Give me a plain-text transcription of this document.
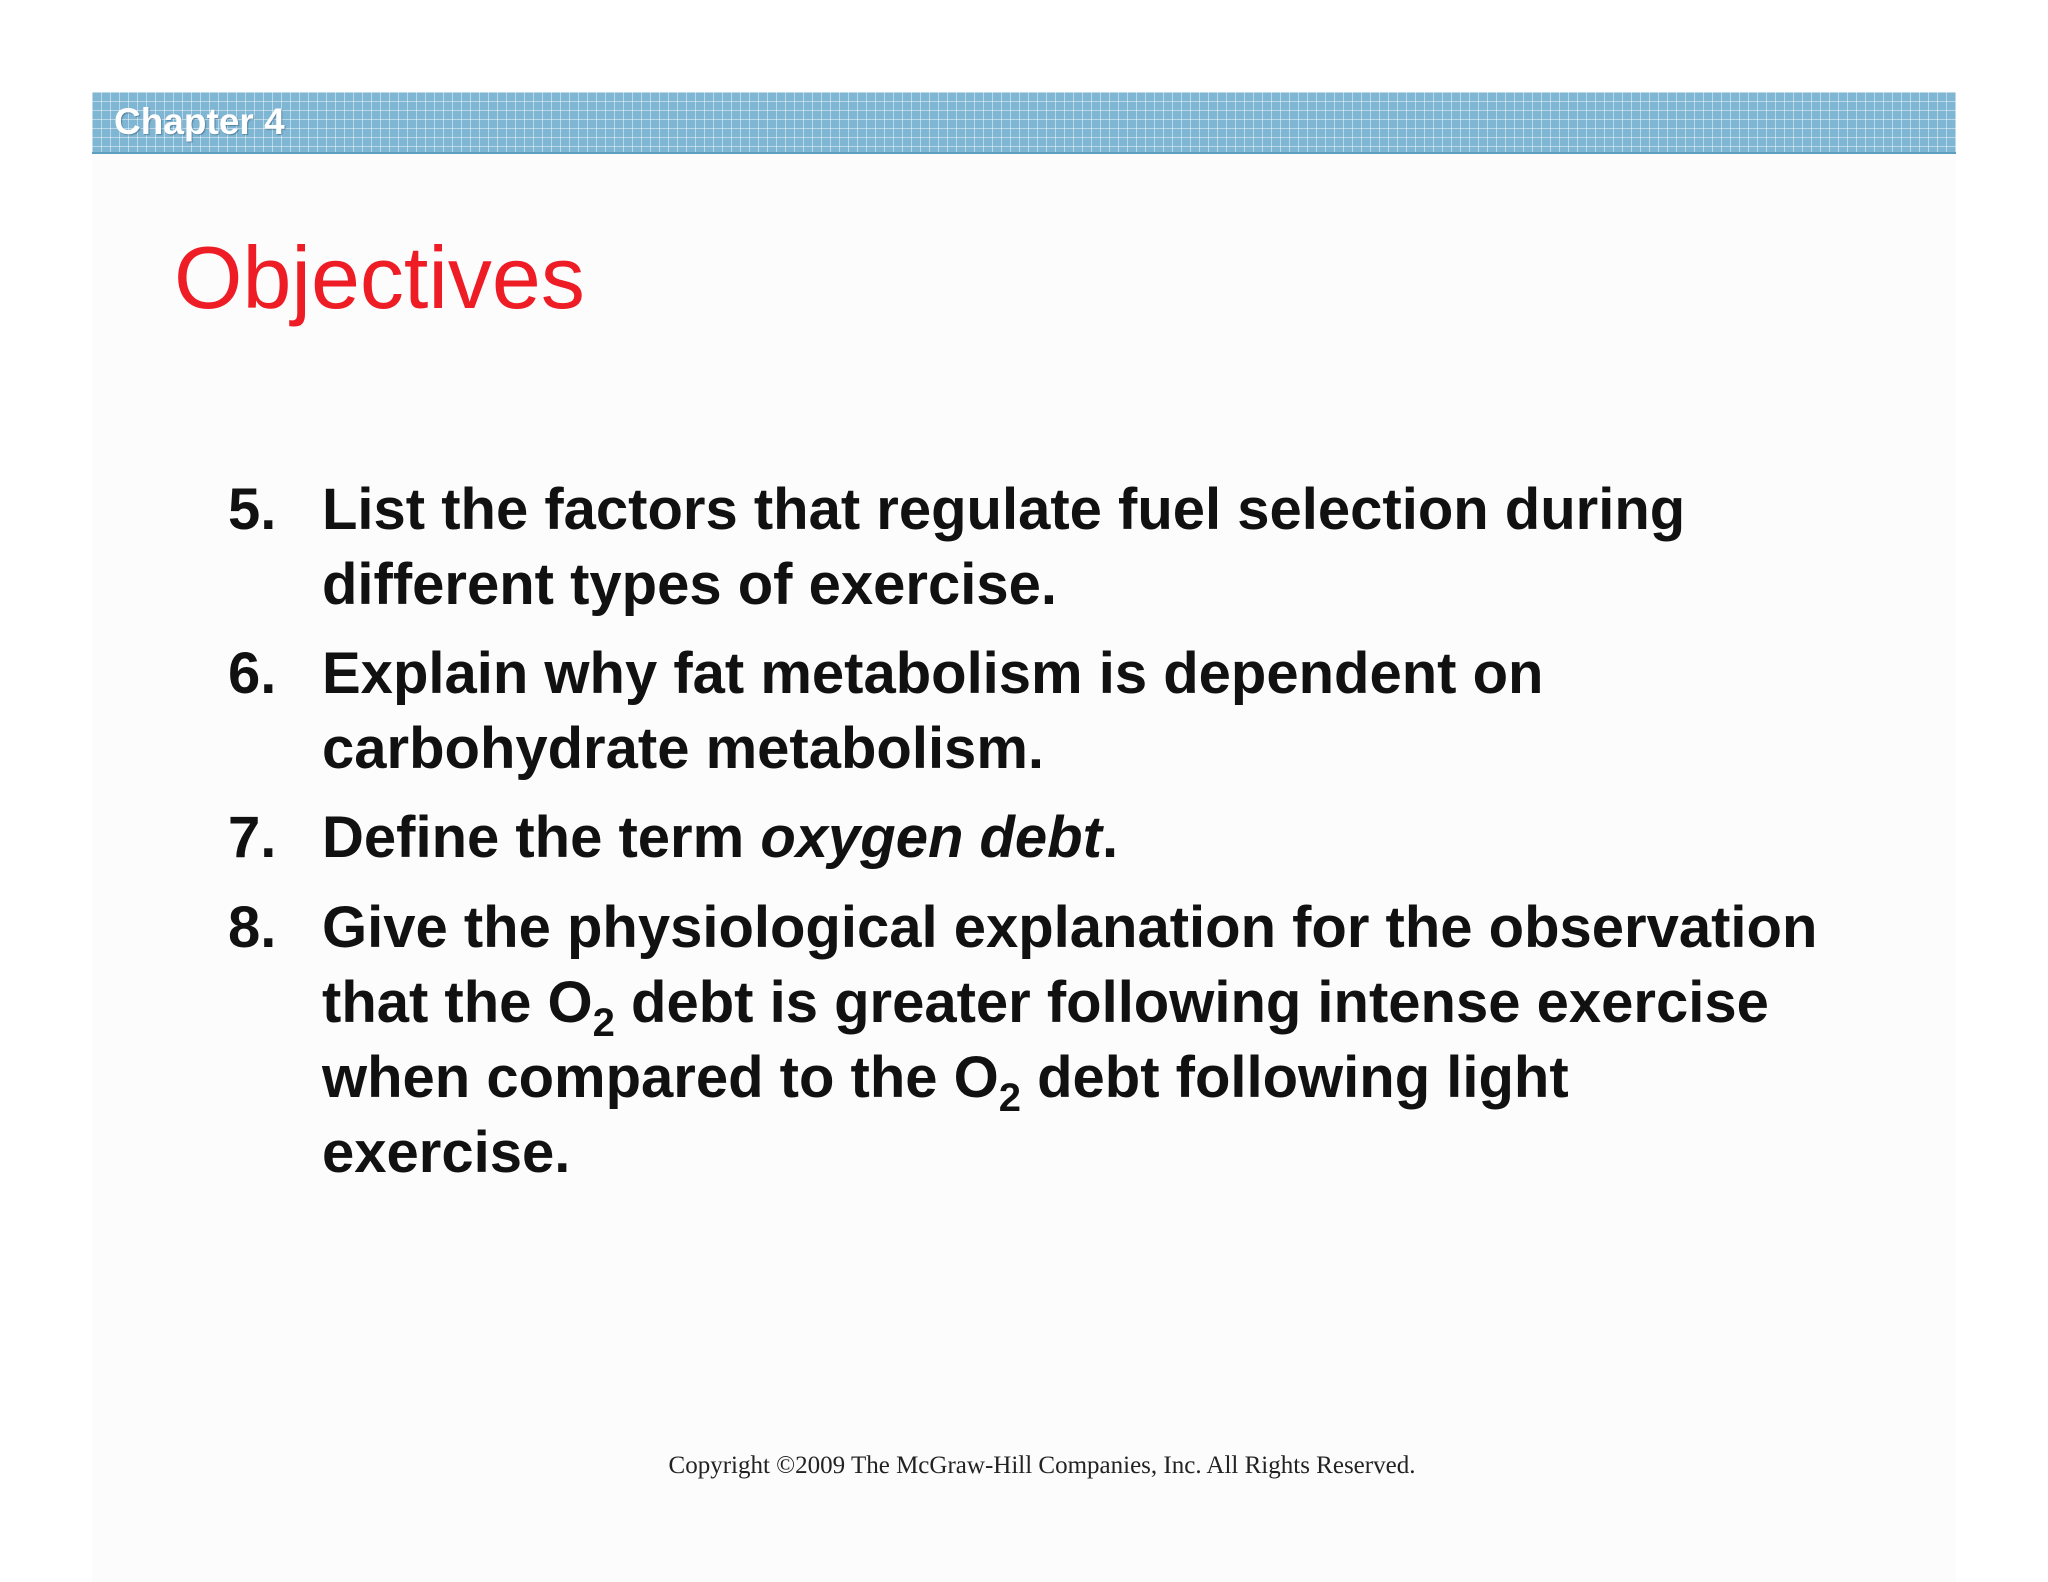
Chapter 4
Objectives
5. List the factors that regulate fuel selection during different types of exercise.
6. Explain why fat metabolism is dependent on carbohydrate metabolism.
7. Define the term oxygen debt.
8. Give the physiological explanation for the observation that the $O_2$ debt is greater following intense exercise when compared to the $O_2$ debt following light exercise.
Copyright ©2009 The McGraw-Hill Companies, Inc. All Rights Reserved.
